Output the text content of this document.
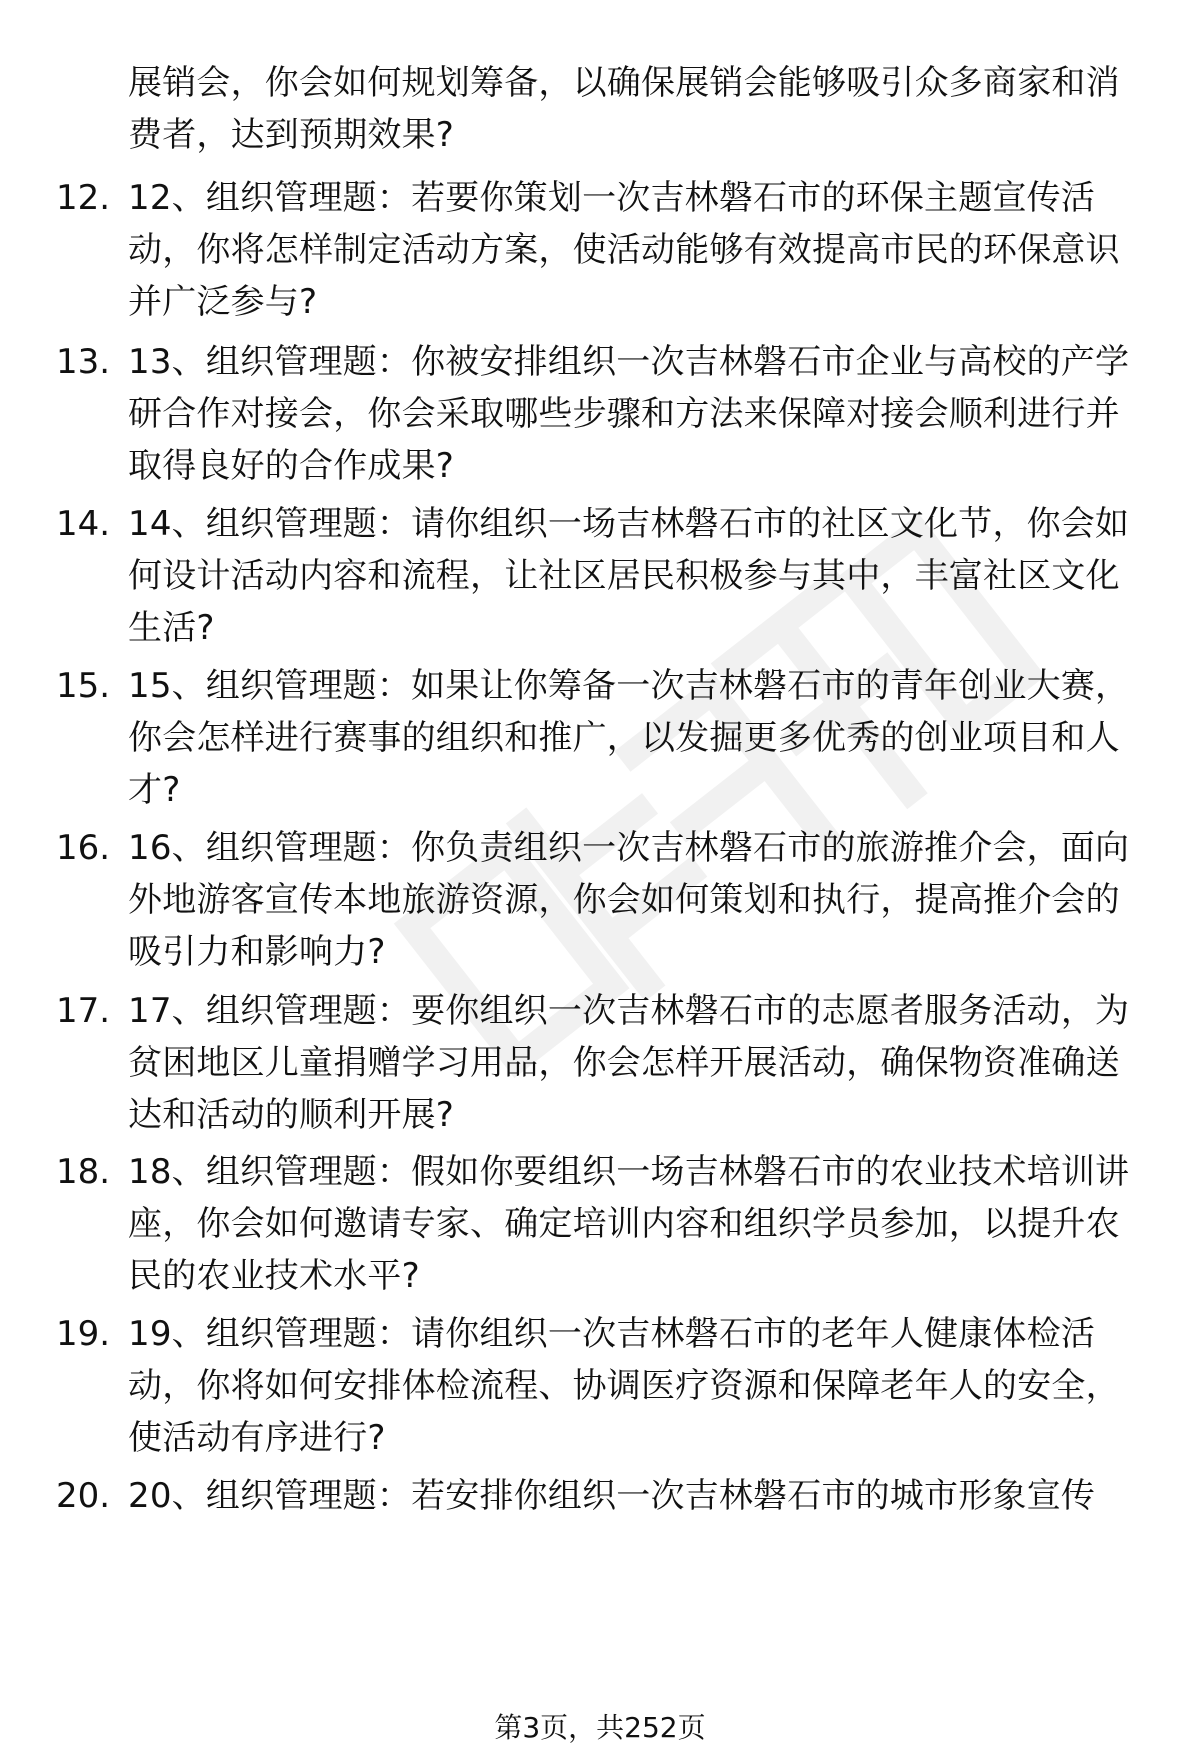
展销会，你会如何规划筹备，以确保展销会能够吸引众多商家和消费者，达到预期效果?
12. 12、组织管理题：若要你策划一次吉林磐石市的环保主题宣传活动，你将怎样制定活动方案，使活动能够有效提高市民的环保意识并广泛参与?
13. 13、组织管理题：你被安排组织一次吉林磐石市企业与高校的产学研合作对接会，你会采取哪些步骤和方法来保障对接会顺利进行并取得良好的合作成果?
14. 14、组织管理题：请你组织一场吉林磐石市的社区文化节，你会如何设计活动内容和流程，让社区居民积极参与其中，丰富社区文化生活?
15. 15、组织管理题：如果让你筹备一次吉林磐石市的青年创业大赛，你会怎样进行赛事的组织和推广，以发掘更多优秀的创业项目和人才?
16. 16、组织管理题：你负责组织一次吉林磐石市的旅游推介会，面向外地游客宣传本地旅游资源，你会如何策划和执行，提高推介会的吸引力和影响力?
17. 17、组织管理题：要你组织一次吉林磐石市的志愿者服务活动，为贫困地区儿童捐赠学习用品，你会怎样开展活动，确保物资准确送达和活动的顺利开展?
18. 18、组织管理题：假如你要组织一场吉林磐石市的农业技术培训讲座，你会如何邀请专家、确定培训内容和组织学员参加，以提升农民的农业技术水平?
19. 19、组织管理题：请你组织一次吉林磐石市的老年人健康体检活动，你将如何安排体检流程、协调医疗资源和保障老年人的安全，使活动有序进行?
20. 20、组织管理题：若安排你组织一次吉林磐石市的城市形象宣传
第3页，共252页
